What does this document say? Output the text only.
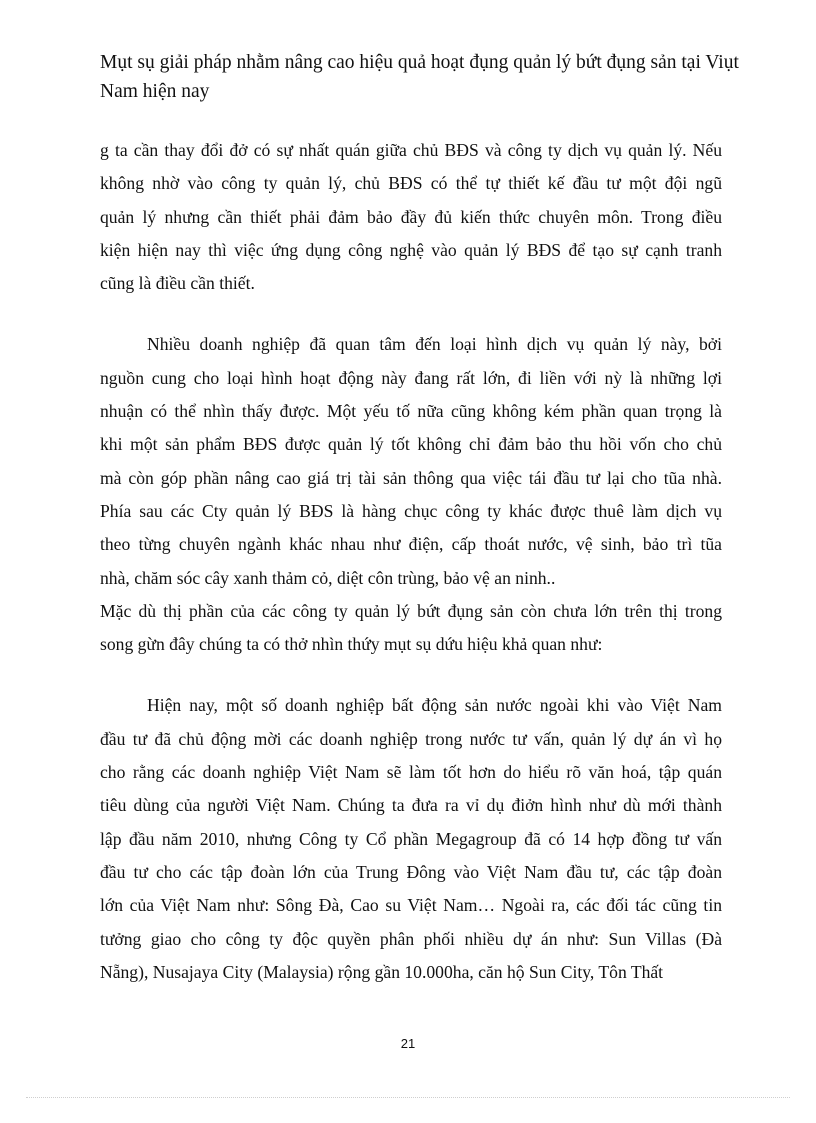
Mụt sụ giải pháp nhằm nâng cao hiệu quả hoạt đụng quản lý bứt đụng sản tại Viụt
Nam hiện nay
g ta cần thay đổi đở có sự nhất quán giữa chủ BĐS và công ty dịch vụ quản lý. Nếu
không nhờ vào công ty quản lý, chủ BĐS có thể tự thiết kế đầu tư một đội ngũ
quản lý nhưng cần thiết phải đảm bảo đầy đủ kiến thức chuyên môn. Trong điều
kiện hiện nay thì việc ứng dụng công nghệ vào quản lý BĐS để tạo sự cạnh tranh
cũng là điều cần thiết.
Nhiều doanh nghiệp đã quan tâm đến loại hình dịch vụ quản lý này, bởi
nguồn cung cho loại hình hoạt động này đang rất lớn, đi liền với nỳ là những lợi
nhuận có thể nhìn thấy được. Một yếu tố nữa cũng không kém phần quan trọng là
khi một sản phẩm BĐS được quản lý tốt không chỉ đảm bảo thu hồi vốn cho chủ
mà còn góp phần nâng cao giá trị tài sản thông qua việc tái đầu tư lại cho tũa nhà.
Phía sau các Cty quản lý BĐS là hàng chục công ty khác được thuê làm dịch vụ
theo từng chuyên ngành khác nhau như điện, cấp thoát nước, vệ sinh, bảo trì tũa
nhà, chăm sóc cây xanh thảm cỏ, diệt côn trùng, bảo vệ an ninh..
Mặc dù thị phần của các công ty quản lý bứt đụng sản còn chưa lớn trên thị trong
song gừn đây chúng ta có thở nhìn thứy mụt sụ dứu hiệu khả quan như:
Hiện nay, một số doanh nghiệp bất động sản nước ngoài khi vào Việt Nam
đầu tư đã chủ động mời các doanh nghiệp trong nước tư vấn, quản lý dự án vì họ
cho rằng các doanh nghiệp Việt Nam sẽ làm tốt hơn do hiểu rõ văn hoá, tập quán
tiêu dùng của người Việt Nam. Chúng ta đưa ra vỉ dụ điởn hình như dù mới thành
lập đầu năm 2010, nhưng Công ty Cổ phần Megagroup đã có 14 hợp đồng tư vấn
đầu tư cho các tập đoàn lớn của Trung Đông vào Việt Nam đầu tư, các tập đoàn
lớn của Việt Nam như: Sông Đà, Cao su Việt Nam… Ngoài ra, các đối tác cũng tin
tưởng giao cho công ty độc quyền phân phối nhiều dự án như: Sun Villas (Đà
Nẵng), Nusajaya City (Malaysia) rộng gần 10.000ha, căn hộ Sun City, Tôn Thất
21
